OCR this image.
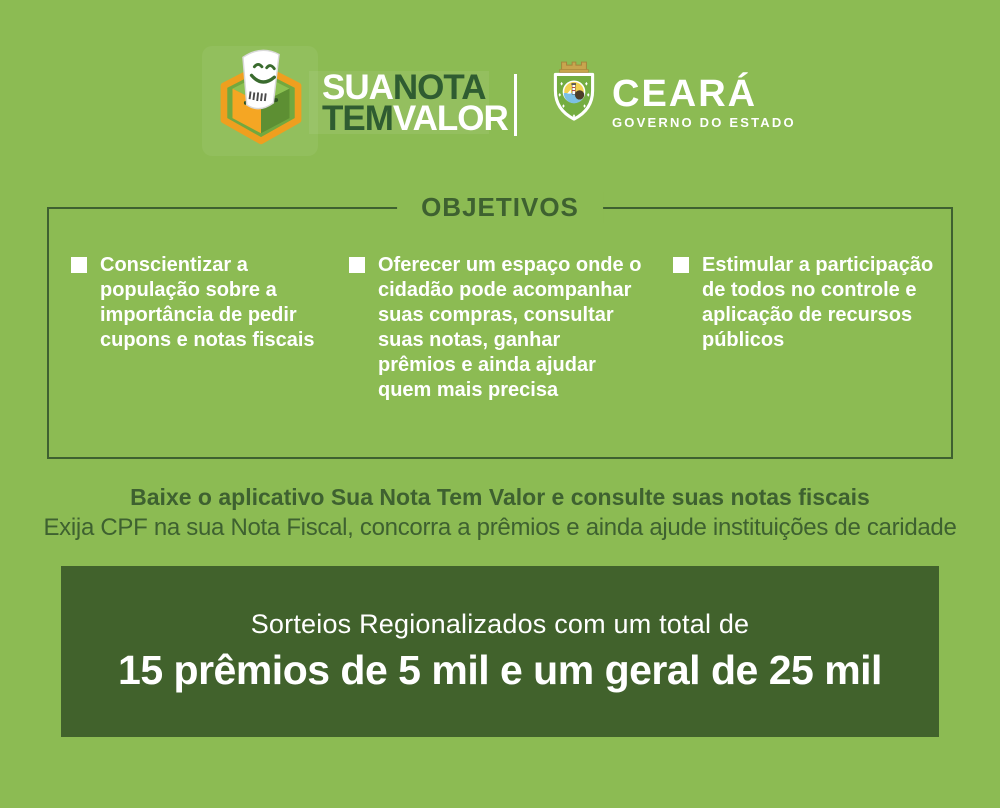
SUANOTA
TEMVALOR
CEARÁ
GOVERNO DO ESTADO
OBJETIVOS
Conscientizar a população sobre a importância de pedir cupons e notas fiscais
Oferecer um espaço onde o cidadão pode acompanhar suas compras, consultar suas notas, ganhar prêmios e ainda ajudar quem mais precisa
Estimular a participação de todos no controle e aplicação de recursos públicos
Baixe o aplicativo Sua Nota Tem Valor e consulte suas notas fiscais
Exija CPF na sua Nota Fiscal, concorra a prêmios e ainda ajude instituições de caridade
Sorteios Regionalizados com um total de
15 prêmios de 5 mil e um geral de 25 mil
